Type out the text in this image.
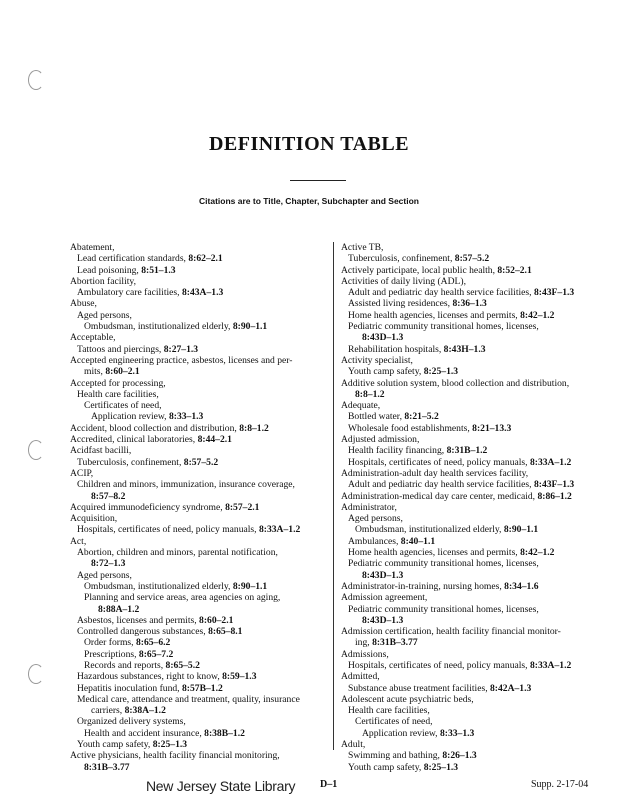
DEFINITION TABLE
Citations are to Title, Chapter, Subchapter and Section
Abatement,
Lead certification standards, 8:62–2.1
Lead poisoning, 8:51–1.3
Abortion facility,
Ambulatory care facilities, 8:43A–1.3
Abuse,
Aged persons,
Ombudsman, institutionalized elderly, 8:90–1.1
Acceptable,
Tattoos and piercings, 8:27–1.3
Accepted engineering practice, asbestos, licenses and per-
mits, 8:60–2.1
Accepted for processing,
Health care facilities,
Certificates of need,
Application review, 8:33–1.3
Accident, blood collection and distribution, 8:8–1.2
Accredited, clinical laboratories, 8:44–2.1
Acidfast bacilli,
Tuberculosis, confinement, 8:57–5.2
ACIP,
Children and minors, immunization, insurance coverage,
8:57–8.2
Acquired immunodeficiency syndrome, 8:57–2.1
Acquisition,
Hospitals, certificates of need, policy manuals, 8:33A–1.2
Act,
Abortion, children and minors, parental notification,
8:72–1.3
Aged persons,
Ombudsman, institutionalized elderly, 8:90–1.1
Planning and service areas, area agencies on aging,
8:88A–1.2
Asbestos, licenses and permits, 8:60–2.1
Controlled dangerous substances, 8:65–8.1
Order forms, 8:65–6.2
Prescriptions, 8:65–7.2
Records and reports, 8:65–5.2
Hazardous substances, right to know, 8:59–1.3
Hepatitis inoculation fund, 8:57B–1.2
Medical care, attendance and treatment, quality, insurance
carriers, 8:38A–1.2
Organized delivery systems,
Health and accident insurance, 8:38B–1.2
Youth camp safety, 8:25–1.3
Active physicians, health facility financial monitoring,
8:31B–3.77
Active TB,
Tuberculosis, confinement, 8:57–5.2
Actively participate, local public health, 8:52–2.1
Activities of daily living (ADL),
Adult and pediatric day health service facilities, 8:43F–1.3
Assisted living residences, 8:36–1.3
Home health agencies, licenses and permits, 8:42–1.2
Pediatric community transitional homes, licenses,
8:43D–1.3
Rehabilitation hospitals, 8:43H–1.3
Activity specialist,
Youth camp safety, 8:25–1.3
Additive solution system, blood collection and distribution,
8:8–1.2
Adequate,
Bottled water, 8:21–5.2
Wholesale food establishments, 8:21–13.3
Adjusted admission,
Health facility financing, 8:31B–1.2
Hospitals, certificates of need, policy manuals, 8:33A–1.2
Administration-adult day health services facility,
Adult and pediatric day health service facilities, 8:43F–1.3
Administration-medical day care center, medicaid, 8:86–1.2
Administrator,
Aged persons,
Ombudsman, institutionalized elderly, 8:90–1.1
Ambulances, 8:40–1.1
Home health agencies, licenses and permits, 8:42–1.2
Pediatric community transitional homes, licenses,
8:43D–1.3
Administrator-in-training, nursing homes, 8:34–1.6
Admission agreement,
Pediatric community transitional homes, licenses,
8:43D–1.3
Admission certification, health facility financial monitor-
ing, 8:31B–3.77
Admissions,
Hospitals, certificates of need, policy manuals, 8:33A–1.2
Admitted,
Substance abuse treatment facilities, 8:42A–1.3
Adolescent acute psychiatric beds,
Health care facilities,
Certificates of need,
Application review, 8:33–1.3
Adult,
Swimming and bathing, 8:26–1.3
Youth camp safety, 8:25–1.3
New Jersey State Library D–1	Supp. 2-17-04
